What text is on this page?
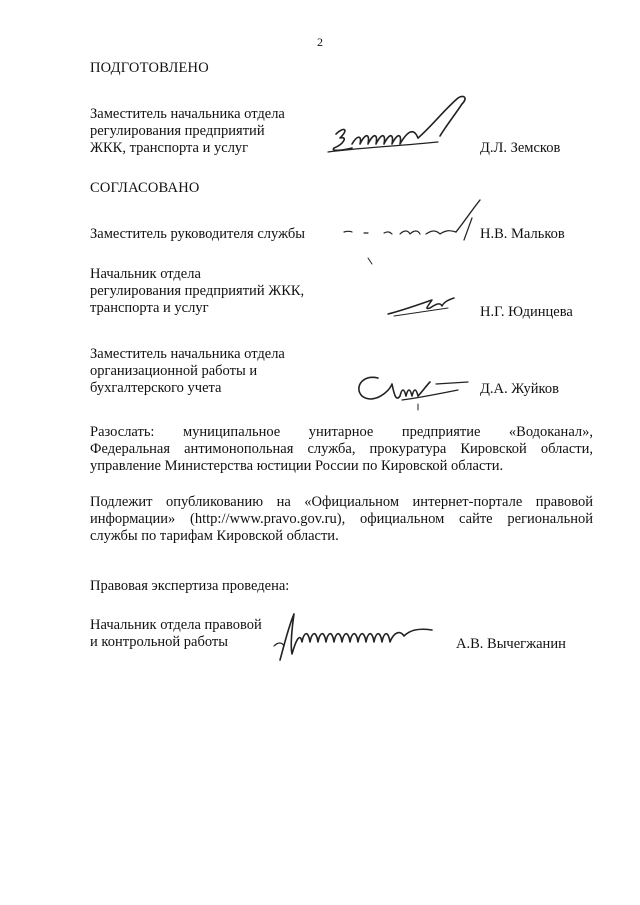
2
ПОДГОТОВЛЕНО
Заместитель начальника отдела
регулирования предприятий
ЖКК, транспорта и услуг	Д.Л. Земсков
СОГЛАСОВАНО
Заместитель руководителя службы	Н.В. Мальков
Начальник отдела
регулирования предприятий ЖКК,
транспорта и услуг	Н.Г. Юдинцева
Заместитель начальника отдела
организационной работы и
бухгалтерского учета	Д.А. Жуйков
Разослать: муниципальное унитарное предприятие «Водоканал»,
Федеральная антимонопольная служба, прокуратура Кировской области,
управление Министерства юстиции России по Кировской области.
Подлежит опубликованию на «Официальном интернет-портале правовой
информации» (http://www.pravo.gov.ru), официальном сайте региональной
службы по тарифам Кировской области.
Правовая экспертиза проведена:
Начальник отдела правовой
и контрольной работы	А.В. Вычегжанин
